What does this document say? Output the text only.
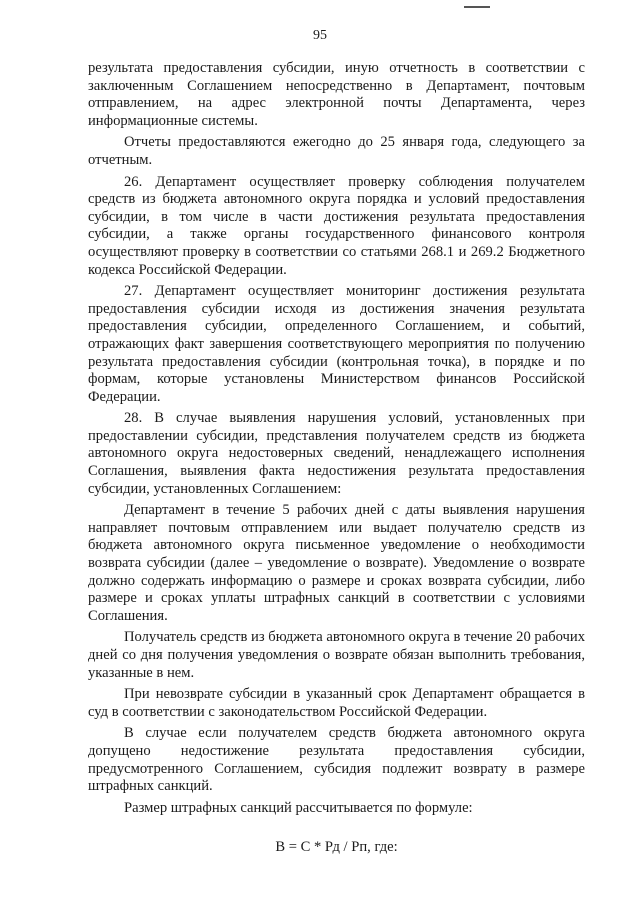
95

результата предоставления субсидии, иную отчетность в соответствии с заключенным Соглашением непосредственно в Департамент, почтовым отправлением, на адрес электронной почты Департамента, через информационные системы.

Отчеты предоставляются ежегодно до 25 января года, следующего за отчетным.

26. Департамент осуществляет проверку соблюдения получателем средств из бюджета автономного округа порядка и условий предоставления субсидии, в том числе в части достижения результата предоставления субсидии, а также органы государственного финансового контроля осуществляют проверку в соответствии со статьями 268.1 и 269.2 Бюджетного кодекса Российской Федерации.

27. Департамент осуществляет мониторинг достижения результата предоставления субсидии исходя из достижения значения результата предоставления субсидии, определенного Соглашением, и событий, отражающих факт завершения соответствующего мероприятия по получению результата предоставления субсидии (контрольная точка), в порядке и по формам, которые установлены Министерством финансов Российской Федерации.

28. В случае выявления нарушения условий, установленных при предоставлении субсидии, представления получателем средств из бюджета автономного округа недостоверных сведений, ненадлежащего исполнения Соглашения, выявления факта недостижения результата предоставления субсидии, установленных Соглашением:

Департамент в течение 5 рабочих дней с даты выявления нарушения направляет почтовым отправлением или выдает получателю средств из бюджета автономного округа письменное уведомление о необходимости возврата субсидии (далее – уведомление о возврате). Уведомление о возврате должно содержать информацию о размере и сроках возврата субсидии, либо размере и сроках уплаты штрафных санкций в соответствии с условиями Соглашения.

Получатель средств из бюджета автономного округа в течение 20 рабочих дней со дня получения уведомления о возврате обязан выполнить требования, указанные в нем.

При невозврате субсидии в указанный срок Департамент обращается в суд в соответствии с законодательством Российской Федерации.

В случае если получателем средств бюджета автономного округа допущено недостижение результата предоставления субсидии, предусмотренного Соглашением, субсидия подлежит возврату в размере штрафных санкций.

Размер штрафных санкций рассчитывается по формуле:

В = С * Рд / Рп, где:
